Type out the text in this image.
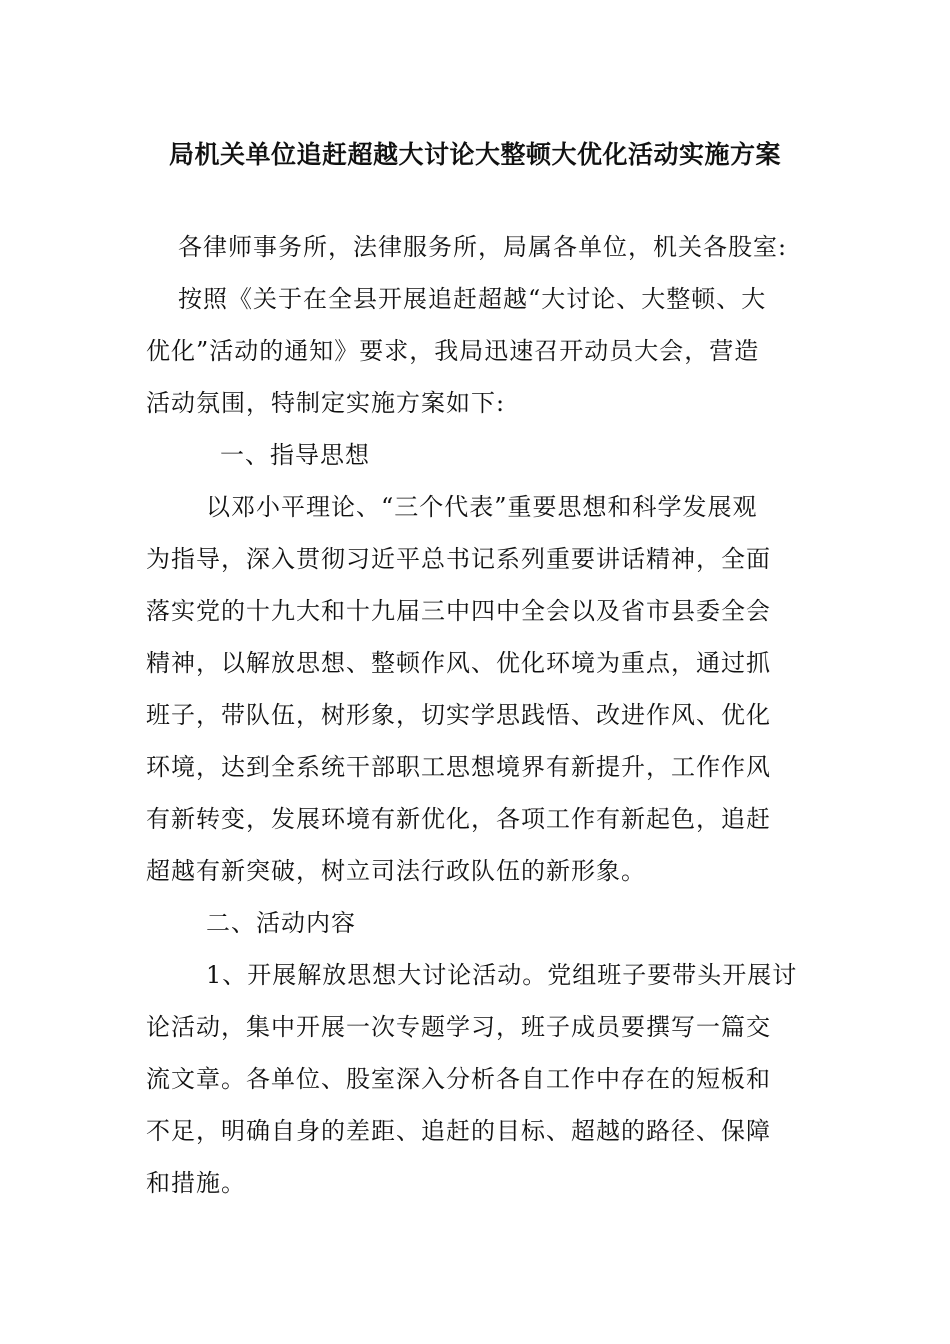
局机关单位追赶超越大讨论大整顿大优化活动实施方案
各律师事务所，法律服务所，局属各单位，机关各股室:
按照《关于在全县开展追赶超越“大讨论、大整顿、大
优化”活动的通知》要求，我局迅速召开动员大会，营造
活动氛围，特制定实施方案如下:
一、指导思想
以邓小平理论、“三个代表”重要思想和科学发展观
为指导，深入贯彻习近平总书记系列重要讲话精神，全面
落实党的十九大和十九届三中四中全会以及省市县委全会
精神，以解放思想、整顿作风、优化环境为重点，通过抓
班子，带队伍，树形象，切实学思践悟、改进作风、优化
环境，达到全系统干部职工思想境界有新提升，工作作风
有新转变，发展环境有新优化，各项工作有新起色，追赶
超越有新突破，树立司法行政队伍的新形象。
二、活动内容
1、开展解放思想大讨论活动。党组班子要带头开展讨
论活动，集中开展一次专题学习，班子成员要撰写一篇交
流文章。各单位、股室深入分析各自工作中存在的短板和
不足，明确自身的差距、追赶的目标、超越的路径、保障
和措施。
